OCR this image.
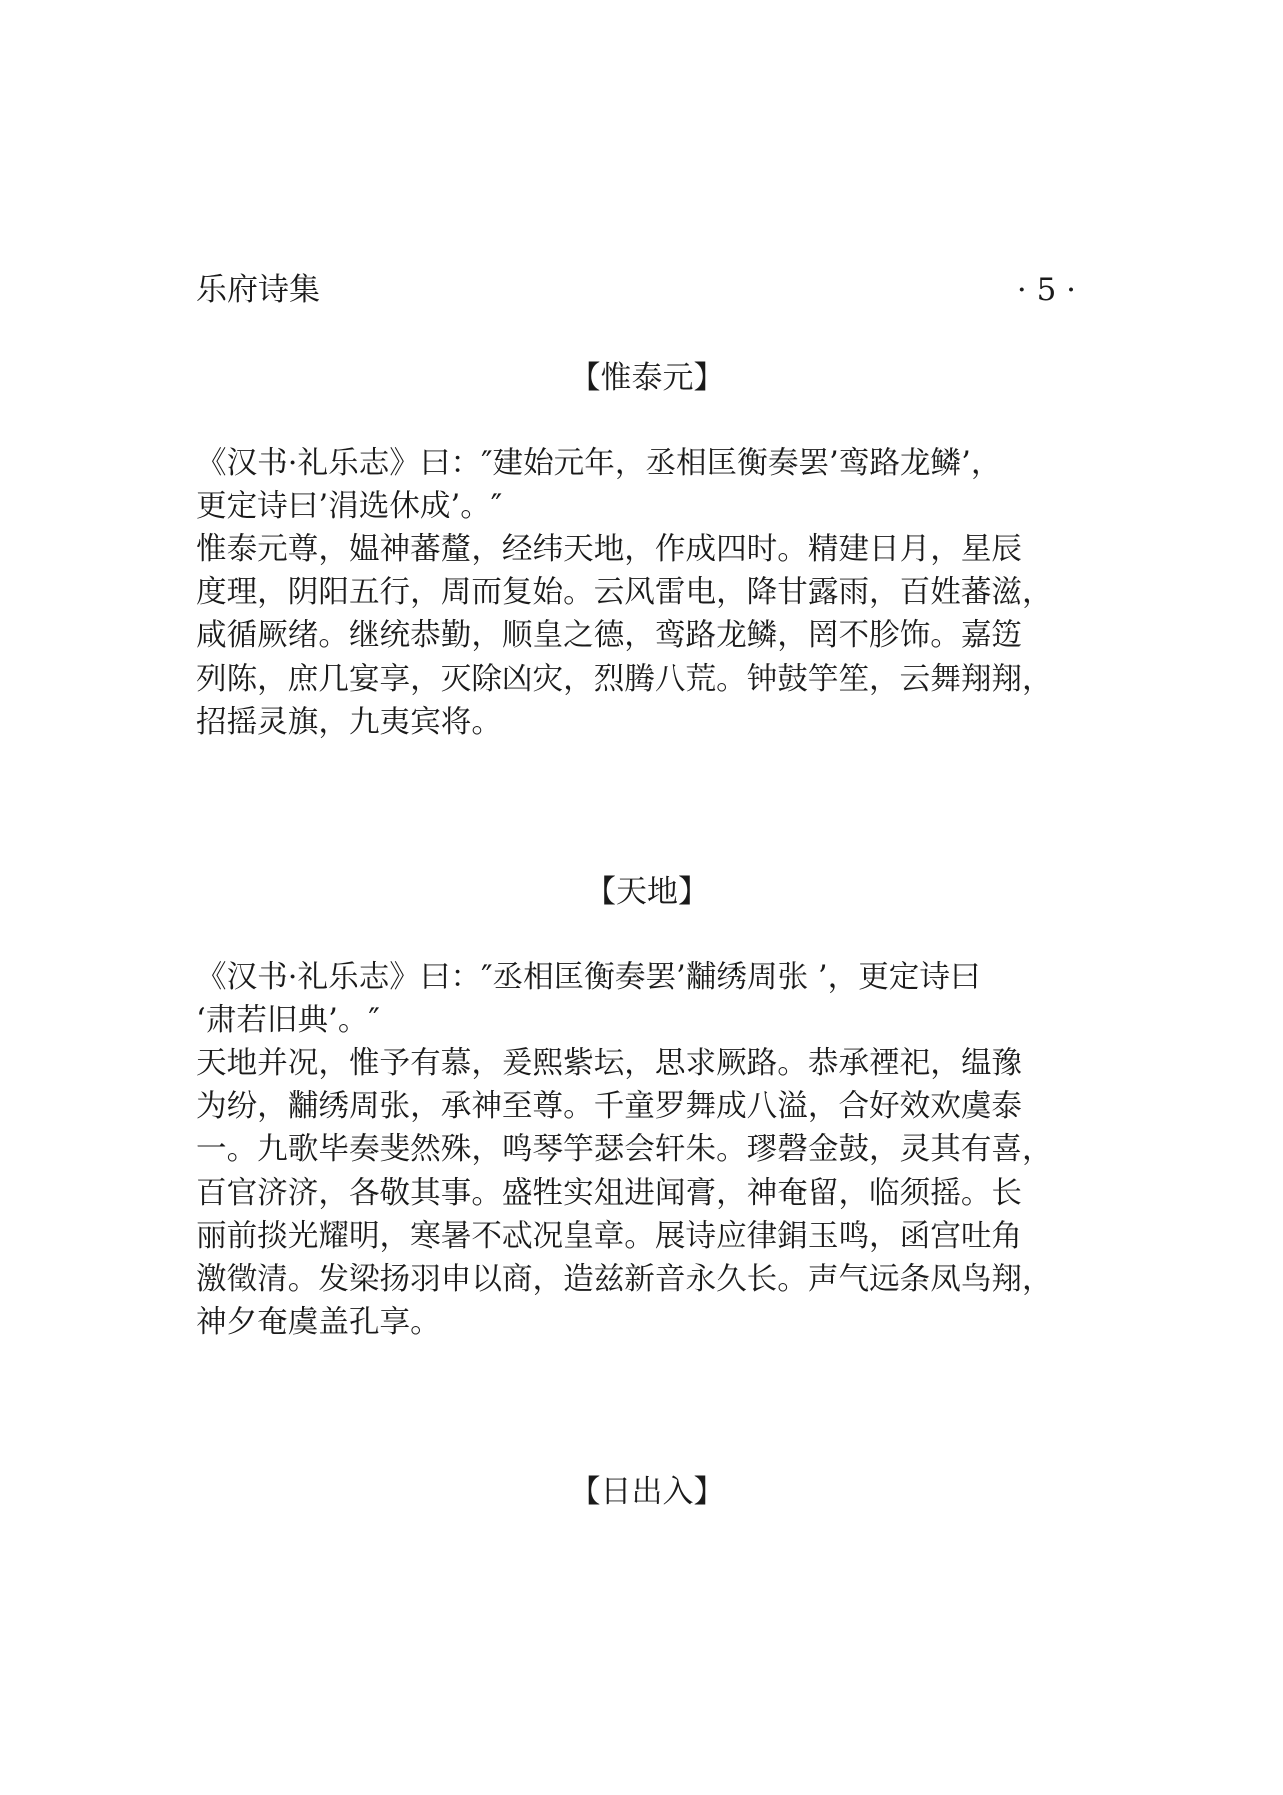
乐府诗集	· 5 ·
【惟泰元】
《汉书·礼乐志》曰：″建始元年，丞相匡衡奏罢’鸾路龙鳞’，
更定诗曰’涓选休成’。″
惟泰元尊，媪神蕃釐，经纬天地，作成四时。精建日月，星辰
度理，阴阳五行，周而复始。云风雷电，降甘露雨，百姓蕃滋，
咸循厥绪。继统恭勤，顺皇之德，鸾路龙鳞，罔不胗饰。嘉笾
列陈，庶几宴享，灭除凶灾，烈腾八荒。钟鼓竽笙，云舞翔翔，
招摇灵旗，九夷宾将。
【天地】
《汉书·礼乐志》曰：″丞相匡衡奏罢’黼绣周张 ’，更定诗曰
‘肃若旧典’。″
天地并况，惟予有慕，爰熙紫坛，思求厥路。恭承禋祀，缊豫
为纷，黼绣周张，承神至尊。千童罗舞成八溢，合好效欢虞泰
一。九歌毕奏斐然殊，鸣琴竽瑟会轩朱。璆磬金鼓，灵其有喜，
百官济济，各敬其事。盛牲实俎进闻膏，神奄留，临须摇。长
丽前掞光耀明，寒暑不忒况皇章。展诗应律鋗玉鸣，函宫吐角
激徵清。发梁扬羽申以商，造兹新音永久长。声气远条凤鸟翔，
神夕奄虞盖孔享。
【日出入】
